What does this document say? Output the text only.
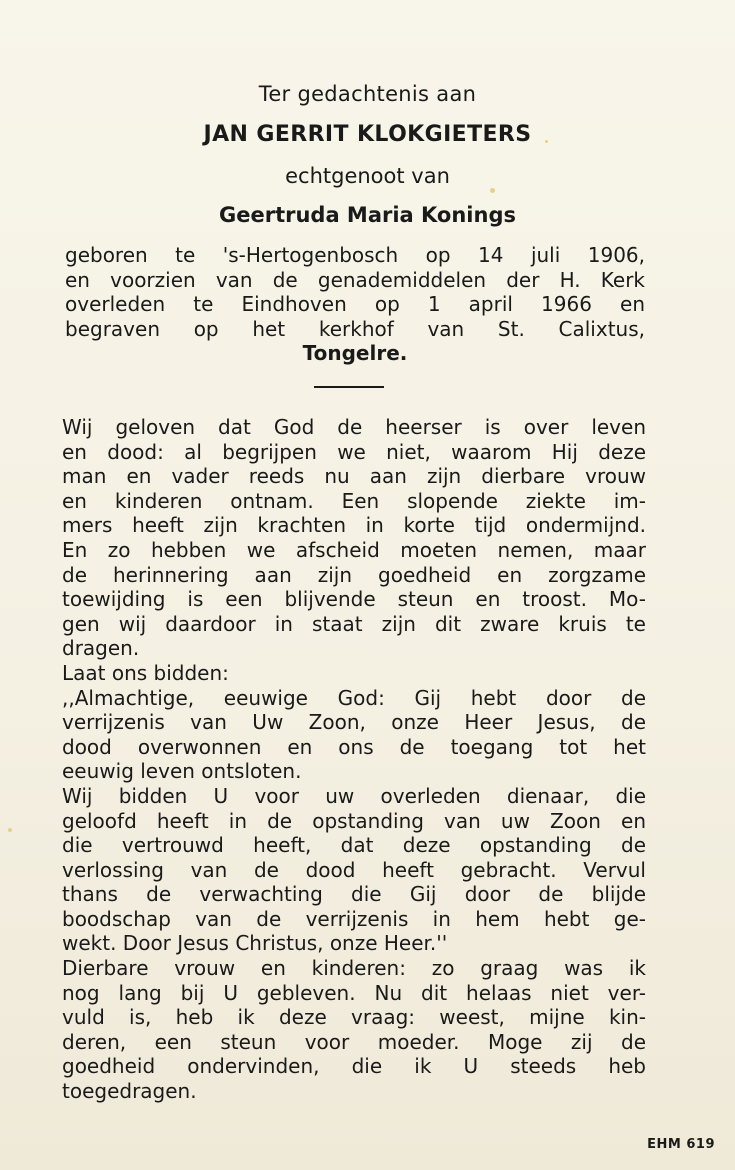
Ter gedachtenis aan
JAN GERRIT KLOKGIETERS
echtgenoot van
Geertruda Maria Konings

geboren te 's-Hertogenbosch op 14 juli 1906,

en voorzien van de genademiddelen der H. Kerk

overleden te Eindhoven op 1 april 1966 en

begraven op het kerkhof van St. Calixtus,

Tongelre.

Wij geloven dat God de heerser is over leven
en dood: al begrijpen we niet, waarom Hij deze
man en vader reeds nu aan zijn dierbare vrouw
en kinderen ontnam. Een slopende ziekte im-
mers heeft zijn krachten in korte tijd ondermijnd.
En zo hebben we afscheid moeten nemen, maar
de herinnering aan zijn goedheid en zorgzame
toewijding is een blijvende steun en troost. Mo-
gen wij daardoor in staat zijn dit zware kruis te
dragen.
Laat ons bidden:
,,Almachtige, eeuwige God: Gij hebt door de
verrijzenis van Uw Zoon, onze Heer Jesus, de
dood overwonnen en ons de toegang tot het
eeuwig leven ontsloten.
Wij bidden U voor uw overleden dienaar, die
geloofd heeft in de opstanding van uw Zoon en
die vertrouwd heeft, dat deze opstanding de
verlossing van de dood heeft gebracht. Vervul
thans de verwachting die Gij door de blijde
boodschap van de verrijzenis in hem hebt ge-
wekt. Door Jesus Christus, onze Heer.''
Dierbare vrouw en kinderen: zo graag was ik
nog lang bij U gebleven. Nu dit helaas niet ver-
vuld is, heb ik deze vraag: weest, mijne kin-
deren, een steun voor moeder. Moge zij de
goedheid ondervinden, die ik U steeds heb
toegedragen.
EHM 619
